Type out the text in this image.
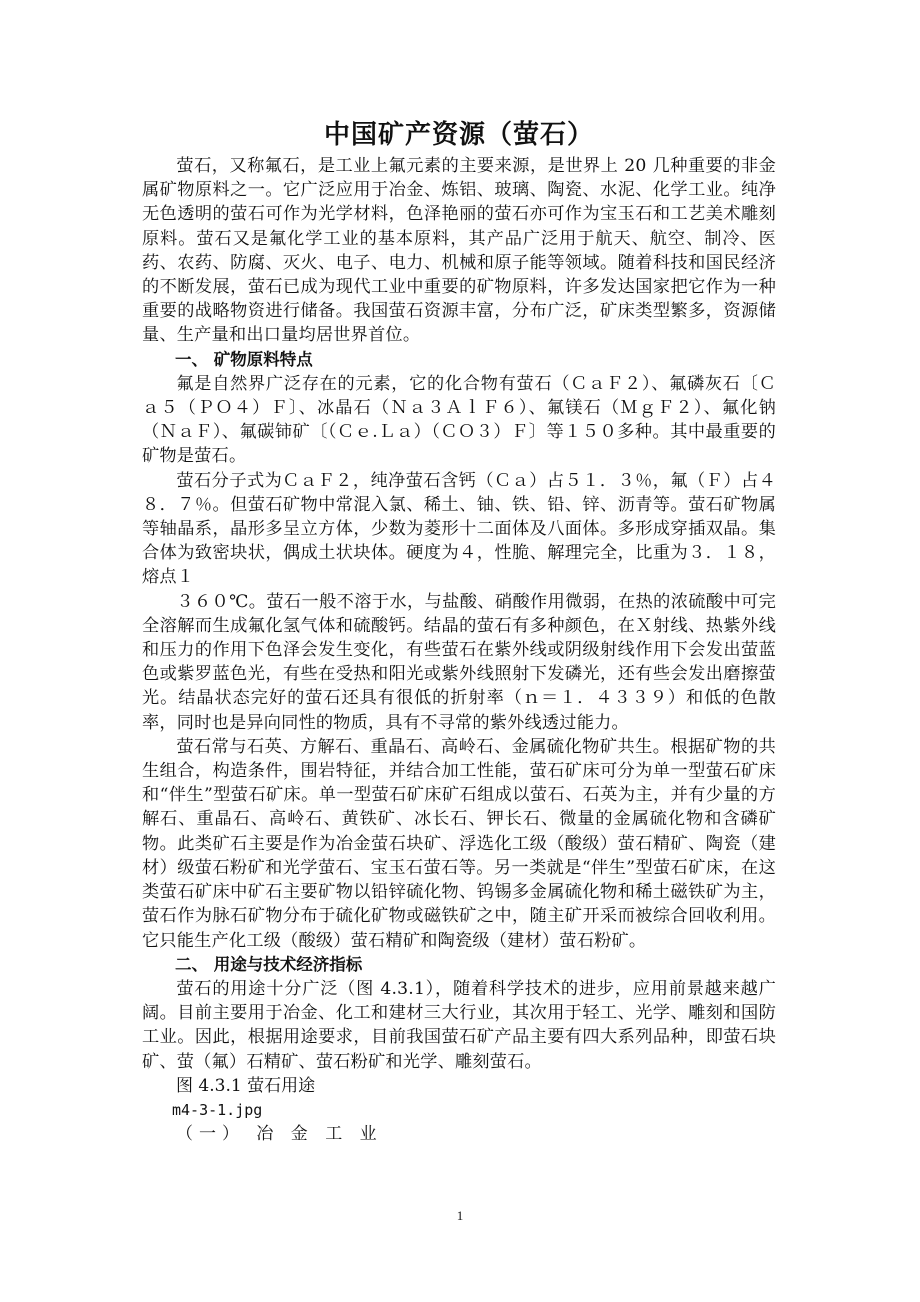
中国矿产资源（萤石）

萤石，又称氟石，是工业上氟元素的主要来源，是世界上 20 几种重要的非金属矿物原料之一。它广泛应用于冶金、炼铝、玻璃、陶瓷、水泥、化学工业。纯净无色透明的萤石可作为光学材料，色泽艳丽的萤石亦可作为宝玉石和工艺美术雕刻原料。萤石又是氟化学工业的基本原料，其产品广泛用于航天、航空、制冷、医药、农药、防腐、灭火、电子、电力、机械和原子能等领域。随着科技和国民经济的不断发展，萤石已成为现代工业中重要的矿物原料，许多发达国家把它作为一种重要的战略物资进行储备。我国萤石资源丰富，分布广泛，矿床类型繁多，资源储量、生产量和出口量均居世界首位。

一、 矿物原料特点

氟是自然界广泛存在的元素，它的化合物有萤石（ＣａＦ２）、氟磷灰石〔Ｃａ５（ＰＯ４）Ｆ〕、冰晶石（Ｎａ３ＡｌＦ６）、氟镁石（ＭｇＦ２）、氟化钠（ＮａＦ）、氟碳铈矿〔（Ｃｅ.Ｌａ）（ＣＯ３）Ｆ〕等１５０多种。其中最重要的矿物是萤石。

萤石分子式为ＣａＦ２，纯净萤石含钙（Ｃａ）占５１．３％，氟（Ｆ）占４８．７％。但萤石矿物中常混入氯、稀土、铀、铁、铅、锌、沥青等。萤石矿物属等轴晶系，晶形多呈立方体，少数为菱形十二面体及八面体。多形成穿插双晶。集合体为致密块状，偶成土状块体。硬度为４，性脆、解理完全，比重为３．１８，熔点１

３６０℃。萤石一般不溶于水，与盐酸、硝酸作用微弱，在热的浓硫酸中可完全溶解而生成氟化氢气体和硫酸钙。结晶的萤石有多种颜色，在Ｘ射线、热紫外线和压力的作用下色泽会发生变化，有些萤石在紫外线或阴级射线作用下会发出萤蓝色或紫罗蓝色光，有些在受热和阳光或紫外线照射下发磷光，还有些会发出磨擦萤光。结晶状态完好的萤石还具有很低的折射率（ｎ＝１．４３３９）和低的色散率，同时也是异向同性的物质，具有不寻常的紫外线透过能力。

萤石常与石英、方解石、重晶石、高岭石、金属硫化物矿共生。根据矿物的共生组合，构造条件，围岩特征，并结合加工性能，萤石矿床可分为单一型萤石矿床和“伴生”型萤石矿床。单一型萤石矿床矿石组成以萤石、石英为主，并有少量的方解石、重晶石、高岭石、黄铁矿、冰长石、钾长石、微量的金属硫化物和含磷矿物。此类矿石主要是作为冶金萤石块矿、浮选化工级（酸级）萤石精矿、陶瓷（建材）级萤石粉矿和光学萤石、宝玉石萤石等。另一类就是“伴生”型萤石矿床，在这类萤石矿床中矿石主要矿物以铅锌硫化物、钨锡多金属硫化物和稀土磁铁矿为主，萤石作为脉石矿物分布于硫化矿物或磁铁矿之中，随主矿开采而被综合回收利用。它只能生产化工级（酸级）萤石精矿和陶瓷级（建材）萤石粉矿。

二、 用途与技术经济指标

萤石的用途十分广泛（图 4.3.1），随着科学技术的进步，应用前景越来越广阔。目前主要用于冶金、化工和建材三大行业，其次用于轻工、光学、雕刻和国防工业。因此，根据用途要求，目前我国萤石矿产品主要有四大系列品种，即萤石块矿、萤（氟）石精矿、萤石粉矿和光学、雕刻萤石。

图 4.3.1 萤石用途

m4-3-1.jpg

（一） 冶 金 工 业

1
